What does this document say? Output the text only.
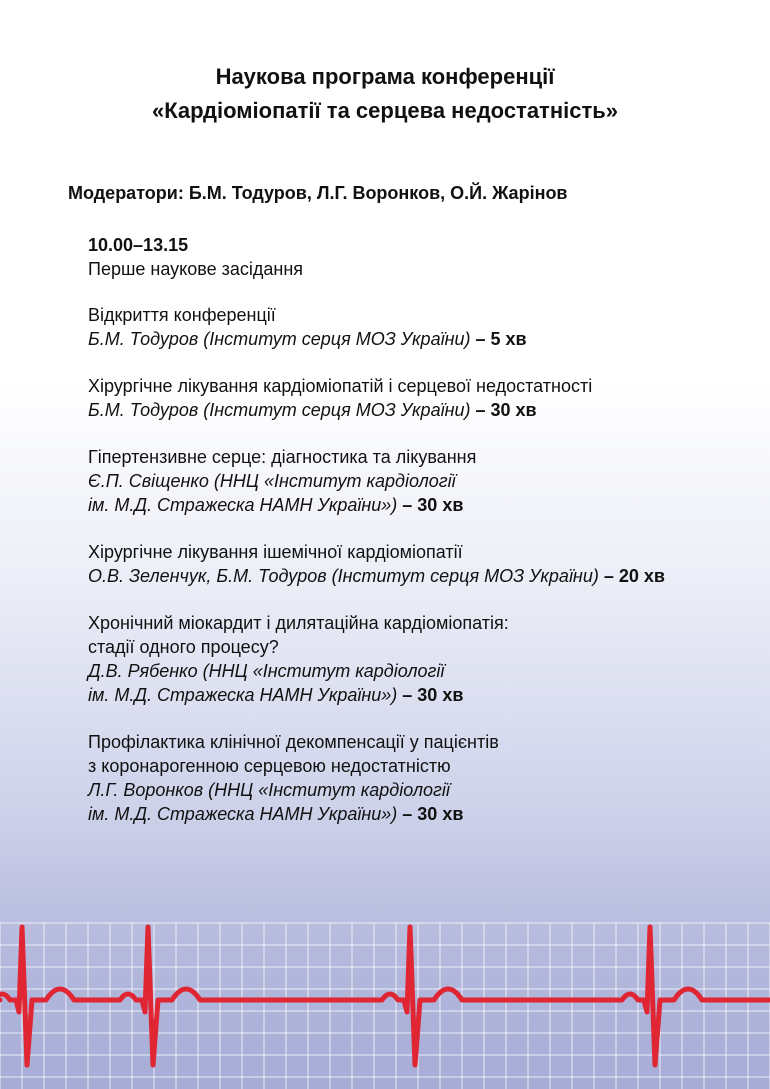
Наукова програма конференції
«Кардіоміопатії та серцева недостатність»
Модератори: Б.М. Тодуров, Л.Г. Воронков, О.Й. Жарінов
10.00–13.15
Перше наукове засідання
Відкриття конференції
Б.М. Тодуров (Інститут серця МОЗ України) – 5 хв
Хірургічне лікування кардіоміопатій і серцевої недостатності
Б.М. Тодуров (Інститут серця МОЗ України) – 30 хв
Гіпертензивне серце: діагностика та лікування
Є.П. Свіщенко (ННЦ «Інститут кардіології
ім. М.Д. Стражеска НАМН України») – 30 хв
Хірургічне лікування ішемічної кардіоміопатії
О.В. Зеленчук, Б.М. Тодуров (Інститут серця МОЗ України) – 20 хв
Хронічний міокардит і дилятаційна кардіоміопатія:
стадії одного процесу?
Д.В. Рябенко (ННЦ «Інститут кардіології
ім. М.Д. Стражеска НАМН України») – 30 хв
Профілактика клінічної декомпенсації у пацієнтів
з коронарогенною серцевою недостатністю
Л.Г. Воронков (ННЦ «Інститут кардіології
ім. М.Д. Стражеска НАМН України») – 30 хв
